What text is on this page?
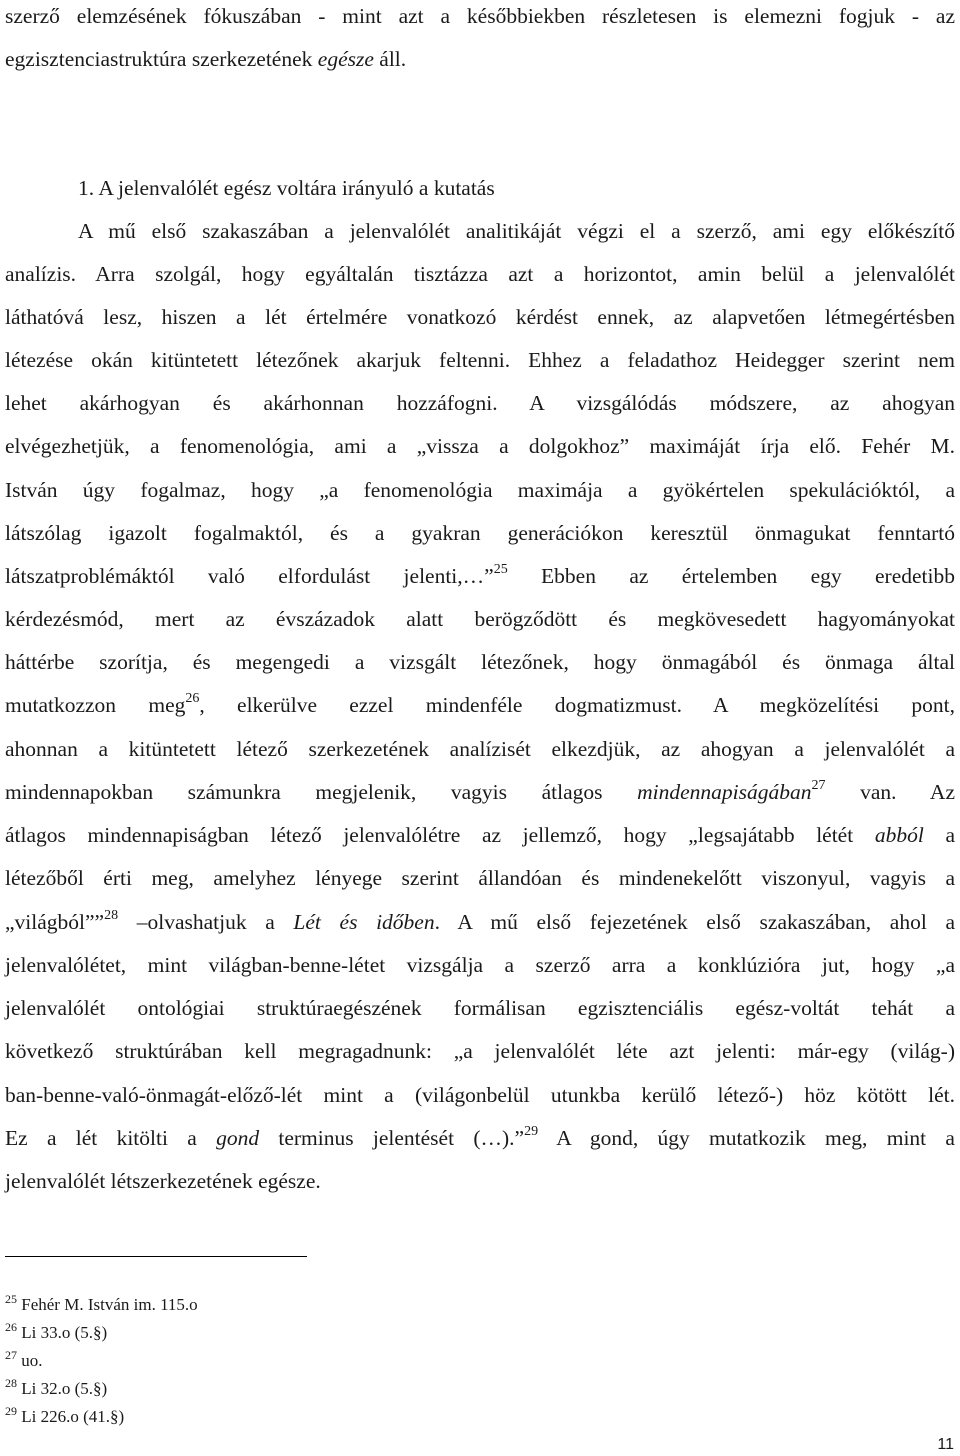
szerző elemzésének fókuszában - mint azt a későbbiekben részletesen is elemezni fogjuk - az
egzisztenciastruktúra szerkezetének egésze áll.
1. A jelenvalólét egész voltára irányuló a kutatás
A mű első szakaszában a jelenvalólét analitikáját végzi el a szerző, ami egy előkészítő
analízis. Arra szolgál, hogy egyáltalán tisztázza azt a horizontot, amin belül a jelenvalólét
láthatóvá lesz, hiszen a lét értelmére vonatkozó kérdést ennek, az alapvetően létmegértésben
létezése okán kitüntetett létezőnek akarjuk feltenni. Ehhez a feladathoz Heidegger szerint nem
lehet akárhogyan és akárhonnan hozzáfogni. A vizsgálódás módszere, az ahogyan
elvégezhetjük, a fenomenológia, ami a „vissza a dolgokhoz” maximáját írja elő. Fehér M.
István úgy fogalmaz, hogy „a fenomenológia maximája a gyökértelen spekulációktól, a
látszólag igazolt fogalmaktól, és a gyakran generációkon keresztül önmagukat fenntartó
látszatproblémáktól való elfordulást jelenti,…”$^{25}$ Ebben az értelemben egy eredetibb
kérdezésmód, mert az évszázadok alatt berögződött és megkövesedett hagyományokat
háttérbe szorítja, és megengedi a vizsgált létezőnek, hogy önmagából és önmaga által
mutatkozzon meg$^{26}$, elkerülve ezzel mindenféle dogmatizmust. A megközelítési pont,
ahonnan a kitüntetett létező szerkezetének analízisét elkezdjük, az ahogyan a jelenvalólét a
mindennapokban számunkra megjelenik, vagyis átlagos mindennapiságában$^{27}$ van. Az
átlagos mindennapiságban létező jelenvalólétre az jellemző, hogy „legsajátabb létét abból a
létezőből érti meg, amelyhez lényege szerint állandóan és mindenekelőtt viszonyul, vagyis a
„világból””$^{28}$ –olvashatjuk a Lét és időben. A mű első fejezetének első szakaszában, ahol a
jelenvalólétet, mint világban-benne-létet vizsgálja a szerző arra a konklúzióra jut, hogy „a
jelenvalólét ontológiai struktúraegészének formálisan egzisztenciális egész-voltát tehát a
következő struktúrában kell megragadnunk: „a jelenvalólét léte azt jelenti: már-egy (világ-)
ban-benne-való-önmagát-előző-lét mint a (világonbelül utunkba kerülő létező-) höz kötött lét.
Ez a lét kitölti a gond terminus jelentését (…).”$^{29}$ A gond, úgy mutatkozik meg, mint a
jelenvalólét létszerkezetének egésze.
$^{25}$ Fehér M. István im. 115.o
$^{26}$ Li 33.o (5.§)
$^{27}$ uo.
$^{28}$ Li 32.o (5.§)
$^{29}$ Li 226.o (41.§)
11
